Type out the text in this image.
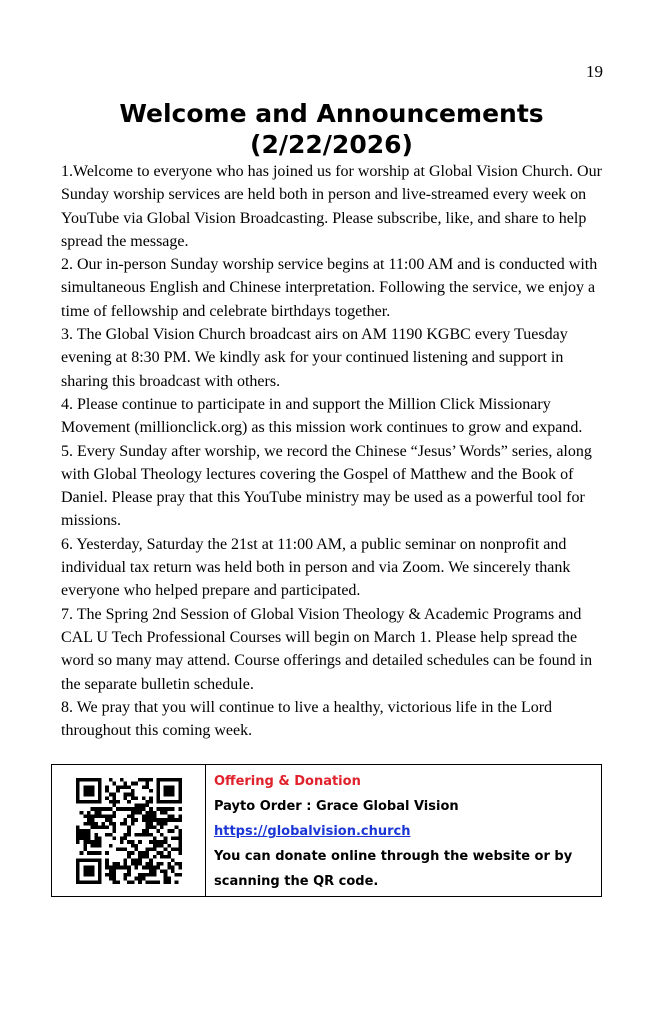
19
Welcome and Announcements
(2/22/2026)

1.Welcome to everyone who has joined us for worship at Global Vision Church. Our Sunday worship services are held both in person and live-streamed every week on YouTube via Global Vision Broadcasting. Please subscribe, like, and share to help spread the message.

2. Our in-person Sunday worship service begins at 11:00 AM and is conducted with simultaneous English and Chinese interpretation. Following the service, we enjoy a time of fellowship and celebrate birthdays together.

3. The Global Vision Church broadcast airs on AM 1190 KGBC every Tuesday evening at 8:30 PM. We kindly ask for your continued listening and support in sharing this broadcast with others.

4. Please continue to participate in and support the Million Click Missionary Movement (millionclick.org) as this mission work continues to grow and expand.

5. Every Sunday after worship, we record the Chinese “Jesus’ Words” series, along with Global Theology lectures covering the Gospel of Matthew and the Book of Daniel. Please pray that this YouTube ministry may be used as a powerful tool for missions.

6. Yesterday, Saturday the 21st at 11:00 AM, a public seminar on nonprofit and individual tax return was held both in person and via Zoom. We sincerely thank everyone who helped prepare and participated.

7. The Spring 2nd Session of Global Vision Theology & Academic Programs and CAL U Tech Professional Courses will begin on March 1. Please help spread the word so many may attend. Course offerings and detailed schedules can be found in the separate bulletin schedule.

8. We pray that you will continue to live a healthy, victorious life in the Lord throughout this coming week.

Offering & Donation
Payto Order : Grace Global Vision
https://globalvision.church
You can donate online through the website or by
scanning the QR code.
